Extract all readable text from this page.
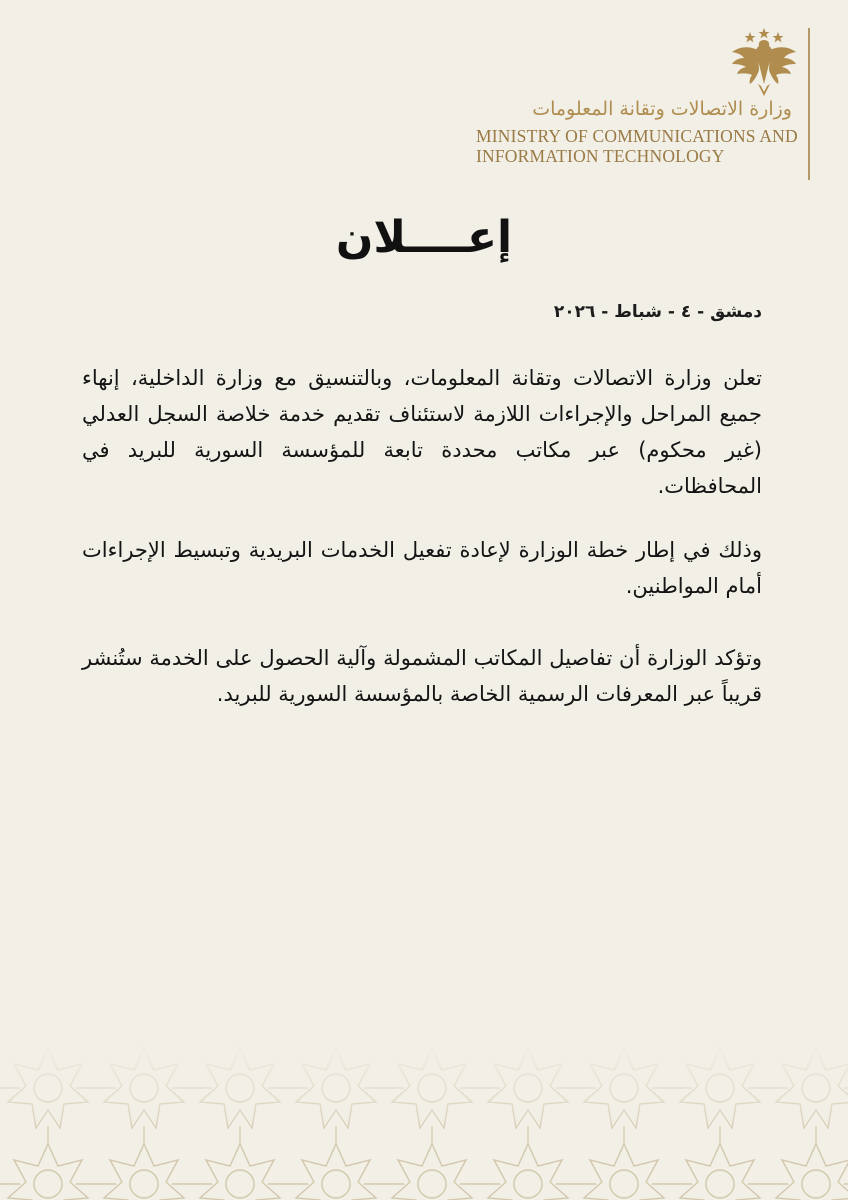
وزارة الاتصالات وتقانة المعلومات
MINISTRY OF COMMUNICATIONS AND
INFORMATION TECHNOLOGY
إعــــلان
دمشق - ٤ - شباط - ٢٠٢٦
تعلن وزارة الاتصالات وتقانة المعلومات، وبالتنسيق مع وزارة الداخلية، إنهاء جميع المراحل والإجراءات اللازمة لاستئناف تقديم خدمة خلاصة السجل العدلي (غير محكوم) عبر مكاتب محددة تابعة للمؤسسة السورية للبريد في المحافظات.
وذلك في إطار خطة الوزارة لإعادة تفعيل الخدمات البريدية وتبسيط الإجراءات أمام المواطنين.
وتؤكد الوزارة أن تفاصيل المكاتب المشمولة وآلية الحصول على الخدمة ستُنشر قريباً عبر المعرفات الرسمية الخاصة بالمؤسسة السورية للبريد.
